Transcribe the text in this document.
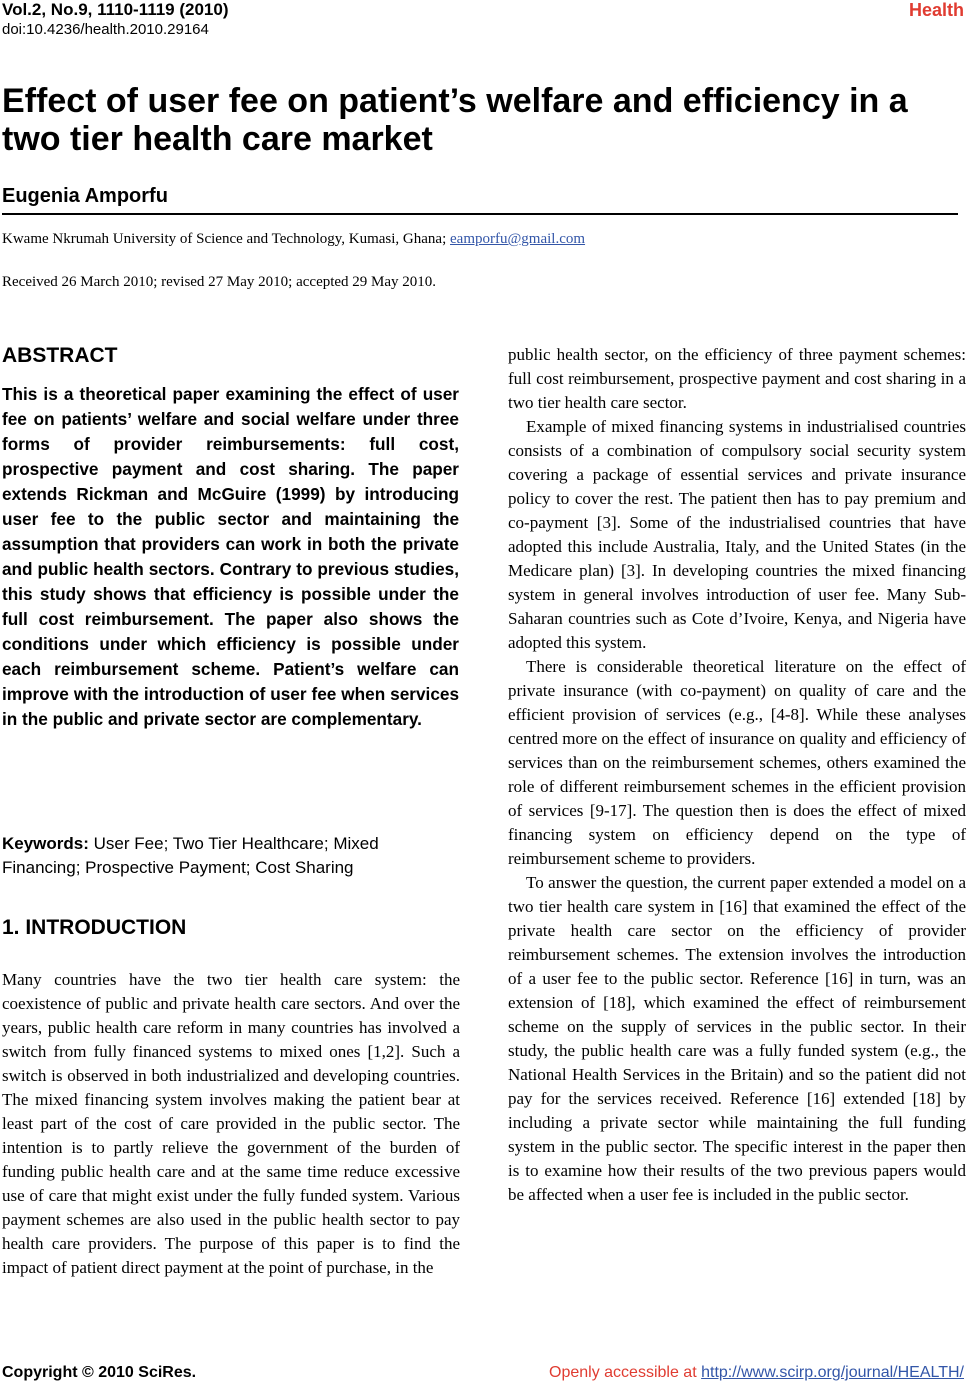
Vol.2, No.9, 1110-1119 (2010)
doi:10.4236/health.2010.29164
Health
Effect of user fee on patient’s welfare and efficiency in a two tier health care market
Eugenia Amporfu
Kwame Nkrumah University of Science and Technology, Kumasi, Ghana; eamporfu@gmail.com
Received 26 March 2010; revised 27 May 2010; accepted 29 May 2010.
ABSTRACT
This is a theoretical paper examining the effect of user fee on patients’ welfare and social welfare under three forms of provider reimbursements: full cost, prospective payment and cost sharing. The paper extends Rickman and McGuire (1999) by introducing user fee to the public sector and maintaining the assumption that providers can work in both the private and public health sectors. Contrary to previous studies, this study shows that efficiency is possible under the full cost reimbursement. The paper also shows the conditions under which efficiency is possible under each reimbursement scheme. Patient’s welfare can improve with the introduction of user fee when services in the public and private sector are complementary.
Keywords: User Fee; Two Tier Healthcare; Mixed Financing; Prospective Payment; Cost Sharing
1. INTRODUCTION

Many countries have the two tier health care system: the coexistence of public and private health care sectors. And over the years, public health care reform in many countries has involved a switch from fully financed systems to mixed ones [1,2]. Such a switch is observed in both industrialized and developing countries. The mixed financing system involves making the patient bear at least part of the cost of care provided in the public sector. The intention is to partly relieve the government of the burden of funding public health care and at the same time reduce excessive use of care that might exist under the fully funded system. Various payment schemes are also used in the public health sector to pay health care providers. The purpose of this paper is to find the impact of patient direct payment at the point of purchase, in the

public health sector, on the efficiency of three payment schemes: full cost reimbursement, prospective payment and cost sharing in a two tier health care sector.

Example of mixed financing systems in industrialised countries consists of a combination of compulsory social security system covering a package of essential services and private insurance policy to cover the rest. The patient then has to pay premium and co-payment [3]. Some of the industrialised countries that have adopted this include Australia, Italy, and the United States (in the Medicare plan) [3]. In developing countries the mixed financing system in general involves introduction of user fee. Many Sub-Saharan countries such as Cote d’Ivoire, Kenya, and Nigeria have adopted this system.

There is considerable theoretical literature on the effect of private insurance (with co-payment) on quality of care and the efficient provision of services (e.g., [4-8]. While these analyses centred more on the effect of insurance on quality and efficiency of services than on the reimbursement schemes, others examined the role of different reimbursement schemes in the efficient provision of services [9-17]. The question then is does the effect of mixed financing system on efficiency depend on the type of reimbursement scheme to providers.

To answer the question, the current paper extended a model on a two tier health care system in [16] that examined the effect of the private health care sector on the efficiency of provider reimbursement schemes. The extension involves the introduction of a user fee to the public sector. Reference [16] in turn, was an extension of [18], which examined the effect of reimbursement scheme on the supply of services in the public sector. In their study, the public health care was a fully funded system (e.g., the National Health Services in the Britain) and so the patient did not pay for the services received. Reference [16] extended [18] by including a private sector while maintaining the full funding system in the public sector. The specific interest in the paper then is to examine how their results of the two previous papers would be affected when a user fee is included in the public sector.

Copyright © 2010 SciRes.	Openly accessible at http://www.scirp.org/journal/HEALTH/
